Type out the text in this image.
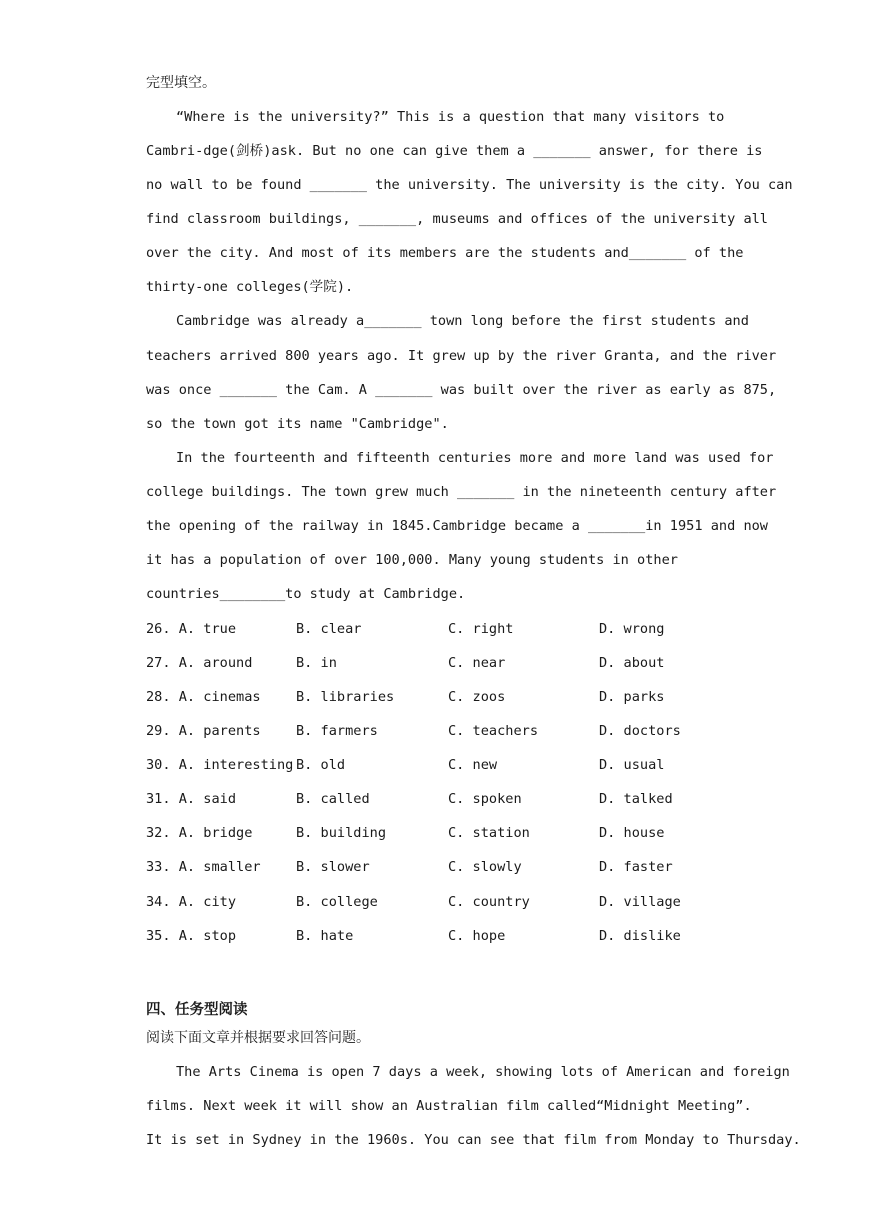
完型填空。
“Where is the university?” This is a question that many visitors to
Cambri-dge(剑桥)ask. But no one can give them a _______ answer, for there is
no wall to be found _______ the university. The university is the city. You can
find classroom buildings, _______, museums and offices of the university all
over the city. And most of its members are the students and_______ of the
thirty-one colleges(学院).
Cambridge was already a_______ town long before the first students and
teachers arrived 800 years ago. It grew up by the river Granta, and the river
was once _______ the Cam. A _______ was built over the river as early as 875,
so the town got its name "Cambridge".
In the fourteenth and fifteenth centuries more and more land was used for
college buildings. The town grew much _______ in the nineteenth century after
the opening of the railway in 1845.Cambridge became a _______in 1951 and now
it has a population of over 100,000. Many young students in other
countries________to study at Cambridge.

26. A. true

	B. clear

	C. right

	D. wrong

27. A. around

	B. in

	C. near

	D. about

28. A. cinemas

	B. libraries

	C. zoos

	D. parks

29. A. parents

	B. farmers

	C. teachers

	D. doctors

30. A. interesting

B. old

	C. new

	D. usual

31. A. said

	B. called

	C. spoken

	D. talked

32. A. bridge

	B. building

	C. station

	D. house

33. A. smaller

	B. slower

	C. slowly

	D. faster

34. A. city

	B. college

	C. country

	D. village

35. A. stop

	B. hate

	C. hope

	D. dislike

四、任务型阅读
阅读下面文章并根据要求回答问题。
The Arts Cinema is open 7 days a week, showing lots of American and foreign
films. Next week it will show an Australian film called“Midnight Meeting”.
It is set in Sydney in the 1960s. You can see that film from Monday to Thursday.
